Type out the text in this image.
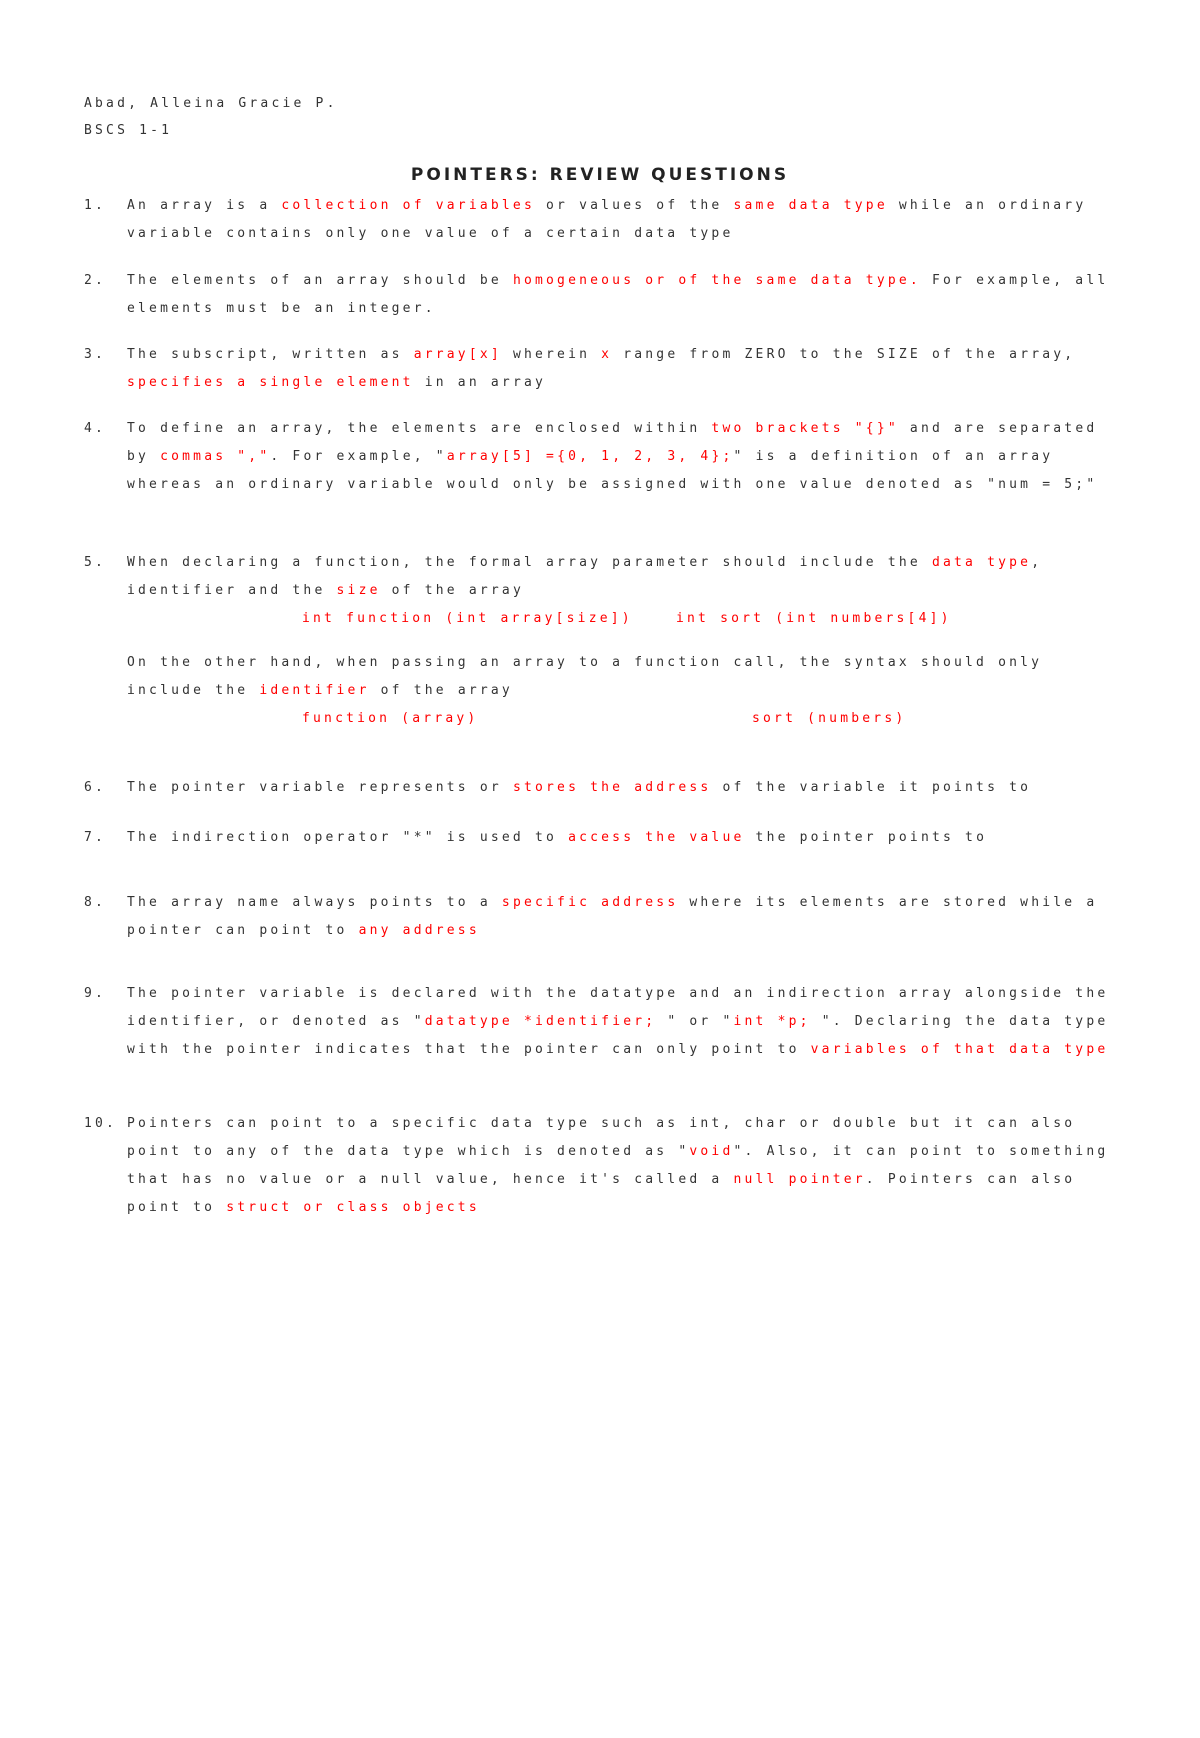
Abad, Alleina Gracie P.
BSCS 1-1
POINTERS: REVIEW QUESTIONS
1. An array is a collection of variables or values of the same data type while an ordinary variable contains only one value of a certain data type
2. The elements of an array should be homogeneous or of the same data type. For example, all elements must be an integer.
3. The subscript, written as array[x] wherein x range from ZERO to the SIZE of the array, specifies a single element in an array
4. To define an array, the elements are enclosed within two brackets "{}" and are separated by commas ",". For example, "array[5] ={0, 1, 2, 3, 4};" is a definition of an array whereas an ordinary variable would only be assigned with one value denoted as "num = 5;"
5. When declaring a function, the formal array parameter should include the data type, identifier and the size of the array
int function (int array[size])	int sort (int numbers[4])
On the other hand, when passing an array to a function call, the syntax should only include the identifier of the array
function (array)	sort (numbers)
6. The pointer variable represents or stores the address of the variable it points to
7. The indirection operator "*" is used to access the value the pointer points to
8. The array name always points to a specific address where its elements are stored while a pointer can point to any address
9. The pointer variable is declared with the datatype and an indirection array alongside the identifier, or denoted as "datatype *identifier; " or "int *p; ". Declaring the data type with the pointer indicates that the pointer can only point to variables of that data type
10. Pointers can point to a specific data type such as int, char or double but it can also point to any of the data type which is denoted as "void". Also, it can point to something that has no value or a null value, hence it's called a null pointer. Pointers can also point to struct or class objects
